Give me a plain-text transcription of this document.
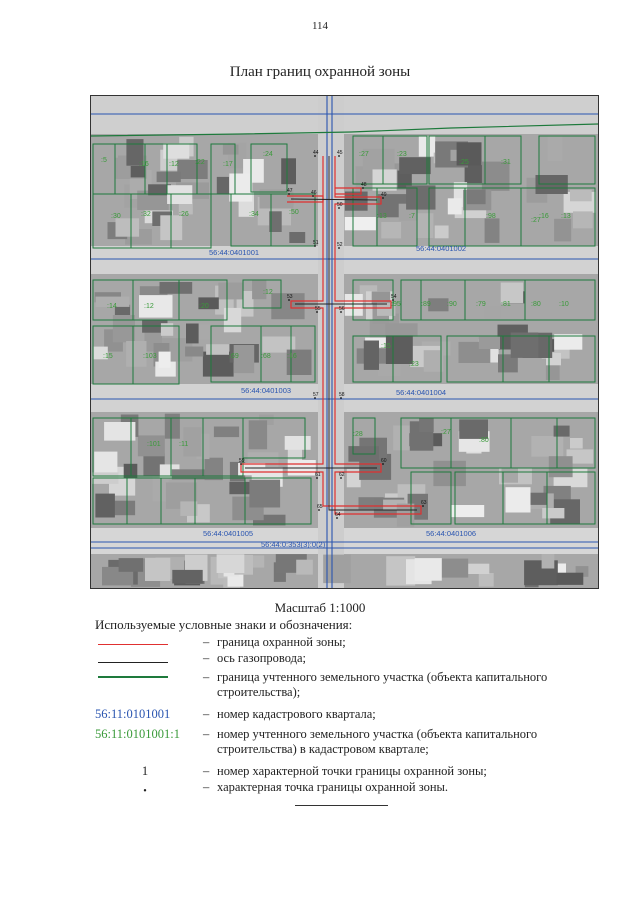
114
План границ охранной зоны
44	45
46
47
48
49
50
51	52
53	54
55	56
57	58
59	60
61	62
63
64
65
:5
:16	:12 :22	:17
:24
:30	:32	:26	:34	:50
:27	:23
:25	:31
:27
:13	:7	:98	:16 :13
:14	:12	:20
:12
:95	:89 :90	:79 :81	:80	:10
:15	:103	:69	:68 :16
:15
:23
:28	:27
:80
:101	:11
56:44:0401001	56:44:0401002
56:44:0401003	56:44:0401004
56:44:0401005	56:44:0401006
56:44:0:353(3):0(2)
Масштаб 1:1000
Используемые условные знаки и обозначения:
– граница охранной зоны;
– ось газопровода;
– граница учтенного земельного участка (объекта капитального строительства);
56:11:0101001	– номер кадастрового квартала;
56:11:0101001:1	– номер учтенного земельного участка (объекта капитального строительства) в кадастровом квартале;
1	– номер характерной точки границы охранной зоны;
•	– характерная точка границы охранной зоны.
